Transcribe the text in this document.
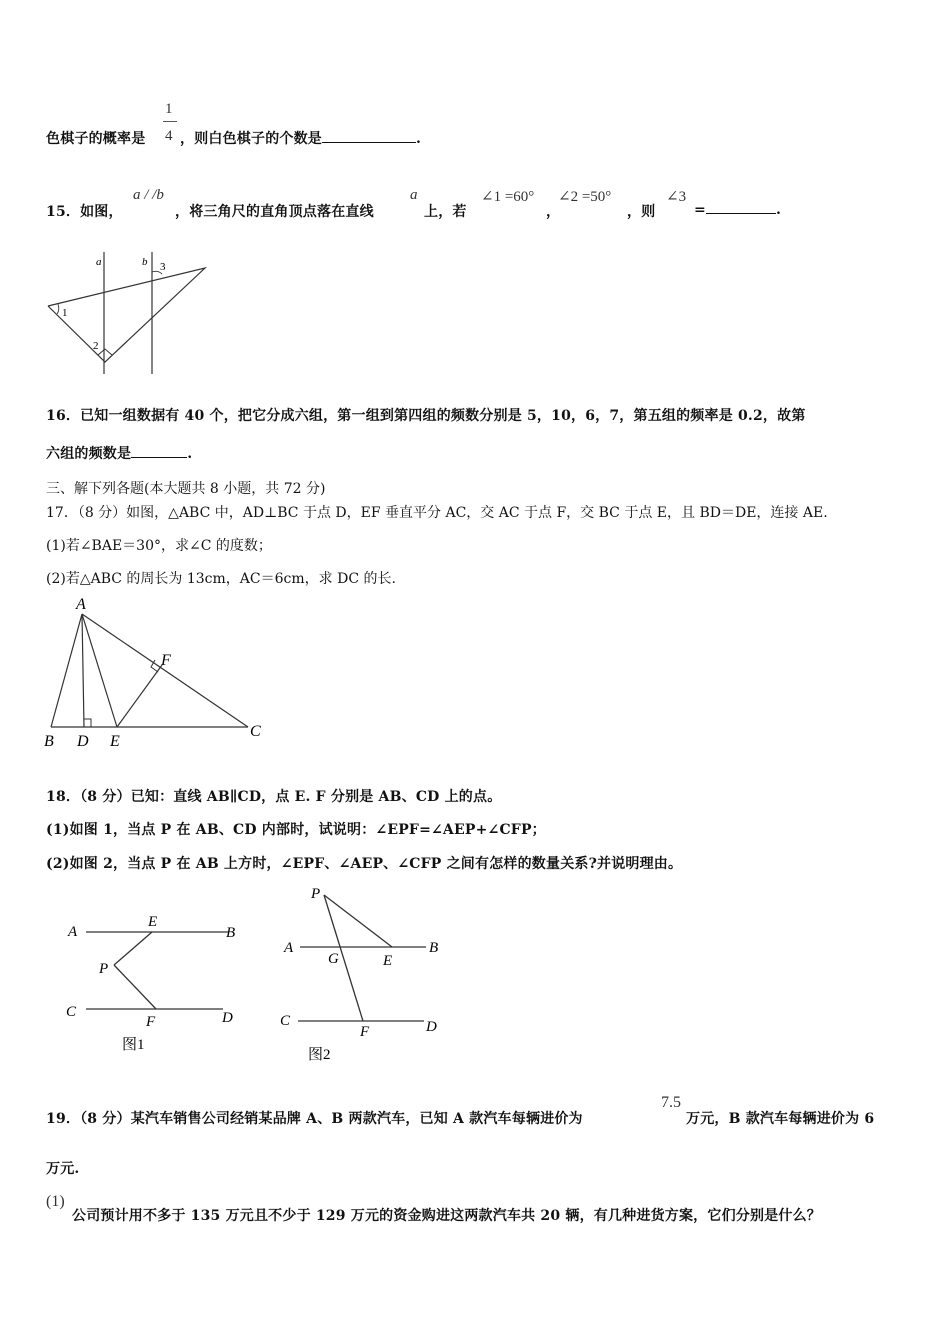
色棋子的概率是
1
4 ，则白色棋子的个数是	.
15．如图，
a / /b
，将三角尺的直角顶点落在直线
a
上，若
∠1 =60°
，
∠2 =50°
，则
∠3
=	.
a	b
1
2
3
16．已知一组数据有 40 个，把它分成六组，第一组到第四组的频数分别是 5，10，6，7，第五组的频率是 0.2，故第
六组的频数是	.
三、解下列各题(本大题共 8 小题，共 72 分)
17．（8 分）如图，△ABC 中，AD⊥BC 于点 D，EF 垂直平分 AC，交 AC 于点 F，交 BC 于点 E，且 BD＝DE，连接 AE.
(1)若∠BAE＝30°，求∠C 的度数；
(2)若△ABC 的周长为 13cm，AC＝6cm，求 DC 的长.
A
B D E
C
F
18．（8 分）已知：直线 AB∥CD，点 E. F 分别是 AB、CD 上的点。
(1)如图 1，当点 P 在 AB、CD 内部时，试说明：∠EPF=∠AEP+∠CFP；
(2)如图 2，当点 P 在 AB 上方时，∠EPF、∠AEP、∠CFP 之间有怎样的数量关系?并说明理由。
A	B
E
P
C	D
F
图1
P
A	B
G	E
C	D
F
图2
19．（8 分）某汽车销售公司经销某品牌 A、B 两款汽车，已知 A 款汽车每辆进价为
7.5
万元，B 款汽车每辆进价为 6
万元.
(1)
公司预计用不多于 135 万元且不少于 129 万元的资金购进这两款汽车共 20 辆，有几种进货方案，它们分别是什么？
